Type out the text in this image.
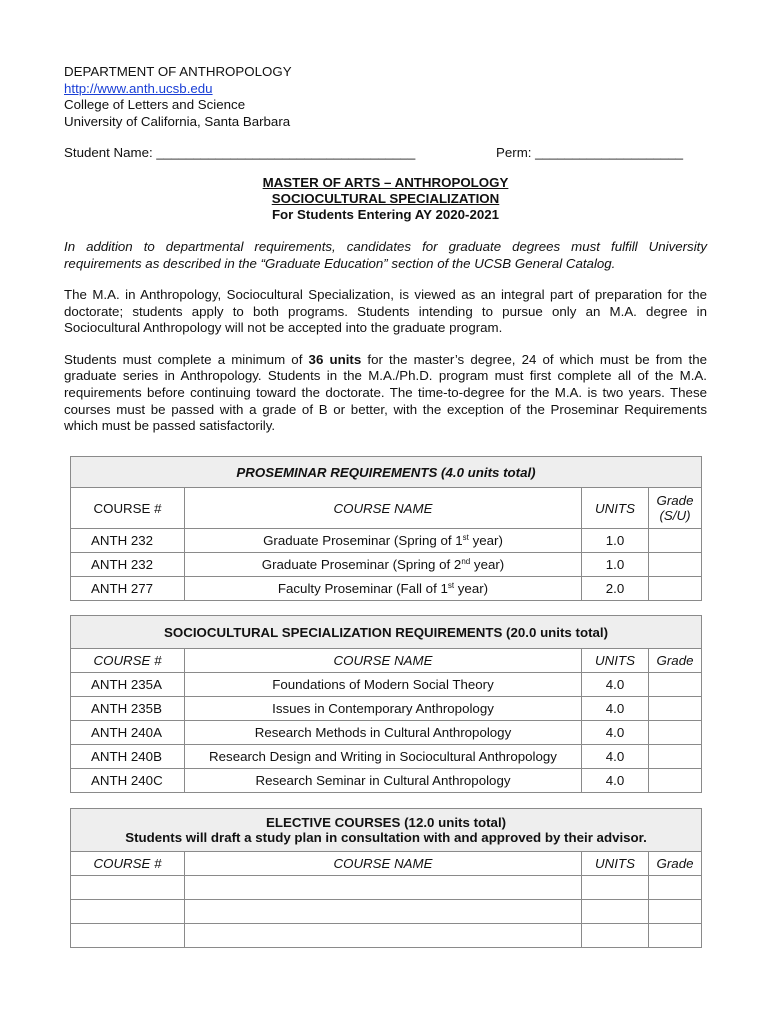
DEPARTMENT OF ANTHROPOLOGY
http://www.anth.ucsb.edu
College of Letters and Science
University of California, Santa Barbara
Student Name: ___________________________________	Perm: ____________________
MASTER OF ARTS – ANTHROPOLOGY
SOCIOCULTURAL SPECIALIZATION
For Students Entering AY 2020-2021
In addition to departmental requirements, candidates for graduate degrees must fulfill University requirements as described in the “Graduate Education” section of the UCSB General Catalog.

The M.A. in Anthropology, Sociocultural Specialization, is viewed as an integral part of preparation for the doctorate; students apply to both programs. Students intending to pursue only an M.A. degree in Sociocultural Anthropology will not be accepted into the graduate program.

Students must complete a minimum of 36 units for the master’s degree, 24 of which must be from the graduate series in Anthropology. Students in the M.A./Ph.D. program must first complete all of the M.A. requirements before continuing toward the doctorate. The time-to-degree for the M.A. is two years. These courses must be passed with a grade of B or better, with the exception of the Proseminar Requirements which must be passed satisfactorily.

PROSEMINAR REQUIREMENTS (4.0 units total)			
COURSE #	COURSE NAME	UNITS	Grade
(S/U)
ANTH 232	Graduate Proseminar (Spring of 1st year)	1.0	
ANTH 232	Graduate Proseminar (Spring of 2nd year)	1.0	
ANTH 277	Faculty Proseminar (Fall of 1st year)	2.0	
SOCIOCULTURAL SPECIALIZATION REQUIREMENTS (20.0 units total)			
COURSE #	COURSE NAME	UNITS	Grade
ANTH 235A	Foundations of Modern Social Theory	4.0	
ANTH 235B	Issues in Contemporary Anthropology	4.0	
ANTH 240A	Research Methods in Cultural Anthropology	4.0	
ANTH 240B	Research Design and Writing in Sociocultural Anthropology	4.0	
ANTH 240C	Research Seminar in Cultural Anthropology	4.0	
ELECTIVE COURSES (12.0 units total)
Students will draft a study plan in consultation with and approved by their advisor.			
COURSE #	COURSE NAME	UNITS	Grade
